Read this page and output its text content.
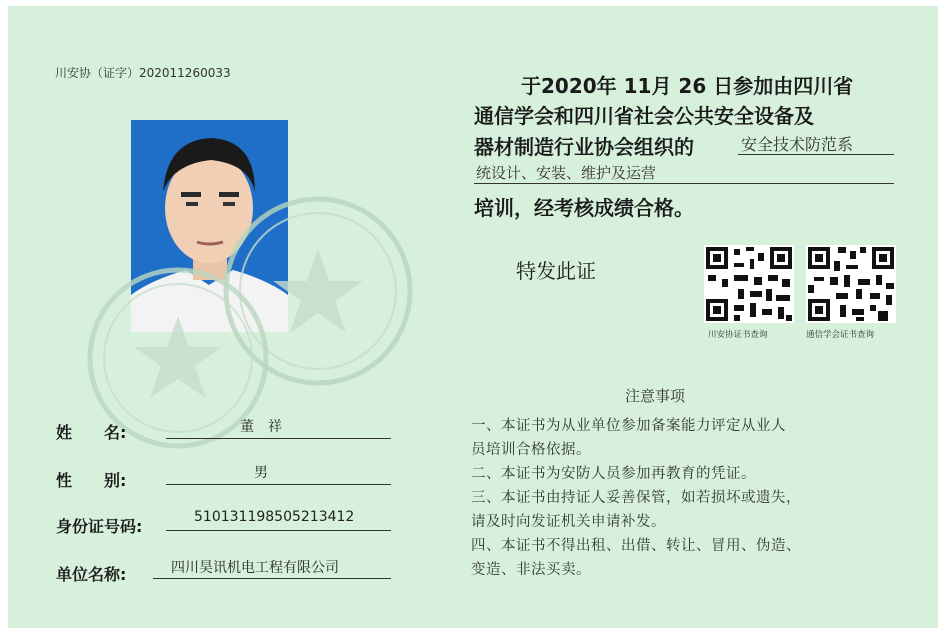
川安协（证字）202011260033
于2020年 11月 26 日参加由四川省
通信学会和四川省社会公共安全设备及
器材制造行业协会组织的	安全技术防范系
统设计、安装、维护及运营
培训，经考核成绩合格。
特发此证
川安协证书查询	通信学会证书查询
姓　　名:	董　祥
性　　别:	男
身份证号码:	510131198505213412
单位名称:	四川昊讯机电工程有限公司
注意事项
一、本证书为从业单位参加备案能力评定从业人
员培训合格依据。
二、本证书为安防人员参加再教育的凭证。
三、本证书由持证人妥善保管，如若损坏或遗失，
请及时向发证机关申请补发。
四、本证书不得出租、出借、转让、冒用、伪造、
变造、非法买卖。
